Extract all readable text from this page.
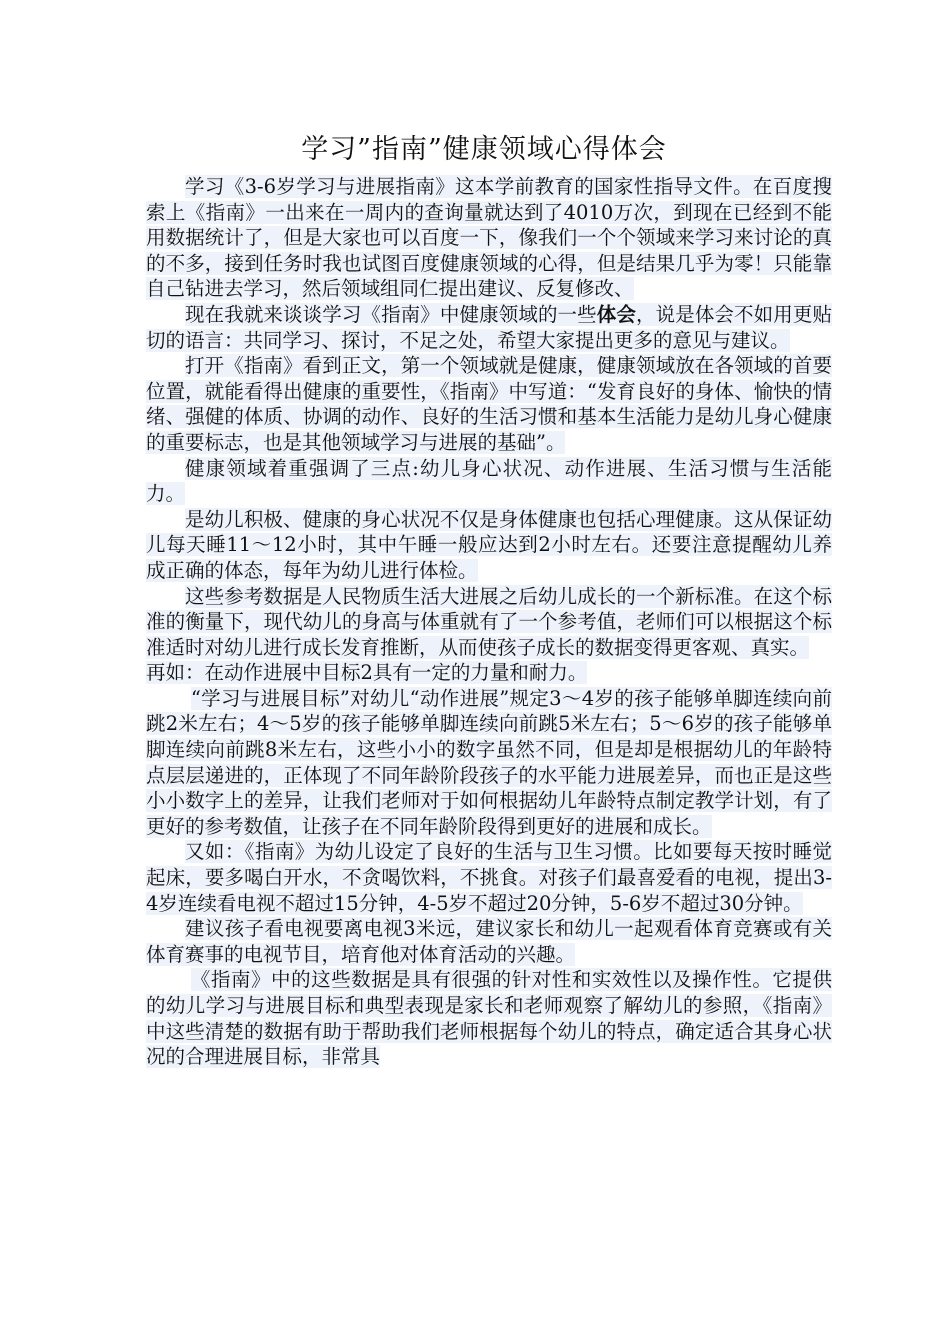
学习”指南”健康领域心得体会

学习《3-6岁学习与进展指南》这本学前教育的国家性指导文件。在百度搜索上《指南》一出来在一周内的查询量就达到了4010万次，到现在已经到不能用数据统计了，但是大家也可以百度一下，像我们一个个领域来学习来讨论的真的不多，接到任务时我也试图百度健康领域的心得，但是结果几乎为零！只能靠自己钻进去学习，然后领域组同仁提出建议、反复修改、

现在我就来谈谈学习《指南》中健康领域的一些体会，说是体会不如用更贴切的语言：共同学习、探讨，不足之处，希望大家提出更多的意见与建议。

打开《指南》看到正文，第一个领域就是健康，健康领域放在各领域的首要位置，就能看得出健康的重要性，《指南》中写道：“发育良好的身体、愉快的情绪、强健的体质、协调的动作、良好的生活习惯和基本生活能力是幼儿身心健康的重要标志，也是其他领域学习与进展的基础”。

健康领域着重强调了三点:幼儿身心状况、动作进展、生活习惯与生活能力。

是幼儿积极、健康的身心状况不仅是身体健康也包括心理健康。这从保证幼儿每天睡11～12小时，其中午睡一般应达到2小时左右。还要注意提醒幼儿养成正确的体态，每年为幼儿进行体检。

这些参考数据是人民物质生活大进展之后幼儿成长的一个新标准。在这个标准的衡量下，现代幼儿的身高与体重就有了一个参考值，老师们可以根据这个标准适时对幼儿进行成长发育推断，从而使孩子成长的数据变得更客观、真实。

再如：在动作进展中目标2具有一定的力量和耐力。

“学习与进展目标”对幼儿“动作进展”规定3～4岁的孩子能够单脚连续向前跳2米左右；4～5岁的孩子能够单脚连续向前跳5米左右；5～6岁的孩子能够单脚连续向前跳8米左右，这些小小的数字虽然不同，但是却是根据幼儿的年龄特点层层递进的，正体现了不同年龄阶段孩子的水平能力进展差异，而也正是这些小小数字上的差异，让我们老师对于如何根据幼儿年龄特点制定教学计划，有了更好的参考数值，让孩子在不同年龄阶段得到更好的进展和成长。

又如：《指南》为幼儿设定了良好的生活与卫生习惯。比如要每天按时睡觉起床，要多喝白开水，不贪喝饮料，不挑食。对孩子们最喜爱看的电视，提出3-4岁连续看电视不超过15分钟，4-5岁不超过20分钟，5-6岁不超过30分钟。

建议孩子看电视要离电视3米远，建议家长和幼儿一起观看体育竞赛或有关体育赛事的电视节目，培育他对体育活动的兴趣。

《指南》中的这些数据是具有很强的针对性和实效性以及操作性。它提供的幼儿学习与进展目标和典型表现是家长和老师观察了解幼儿的参照，《指南》中这些清楚的数据有助于帮助我们老师根据每个幼儿的特点，确定适合其身心状况的合理进展目标，非常具
